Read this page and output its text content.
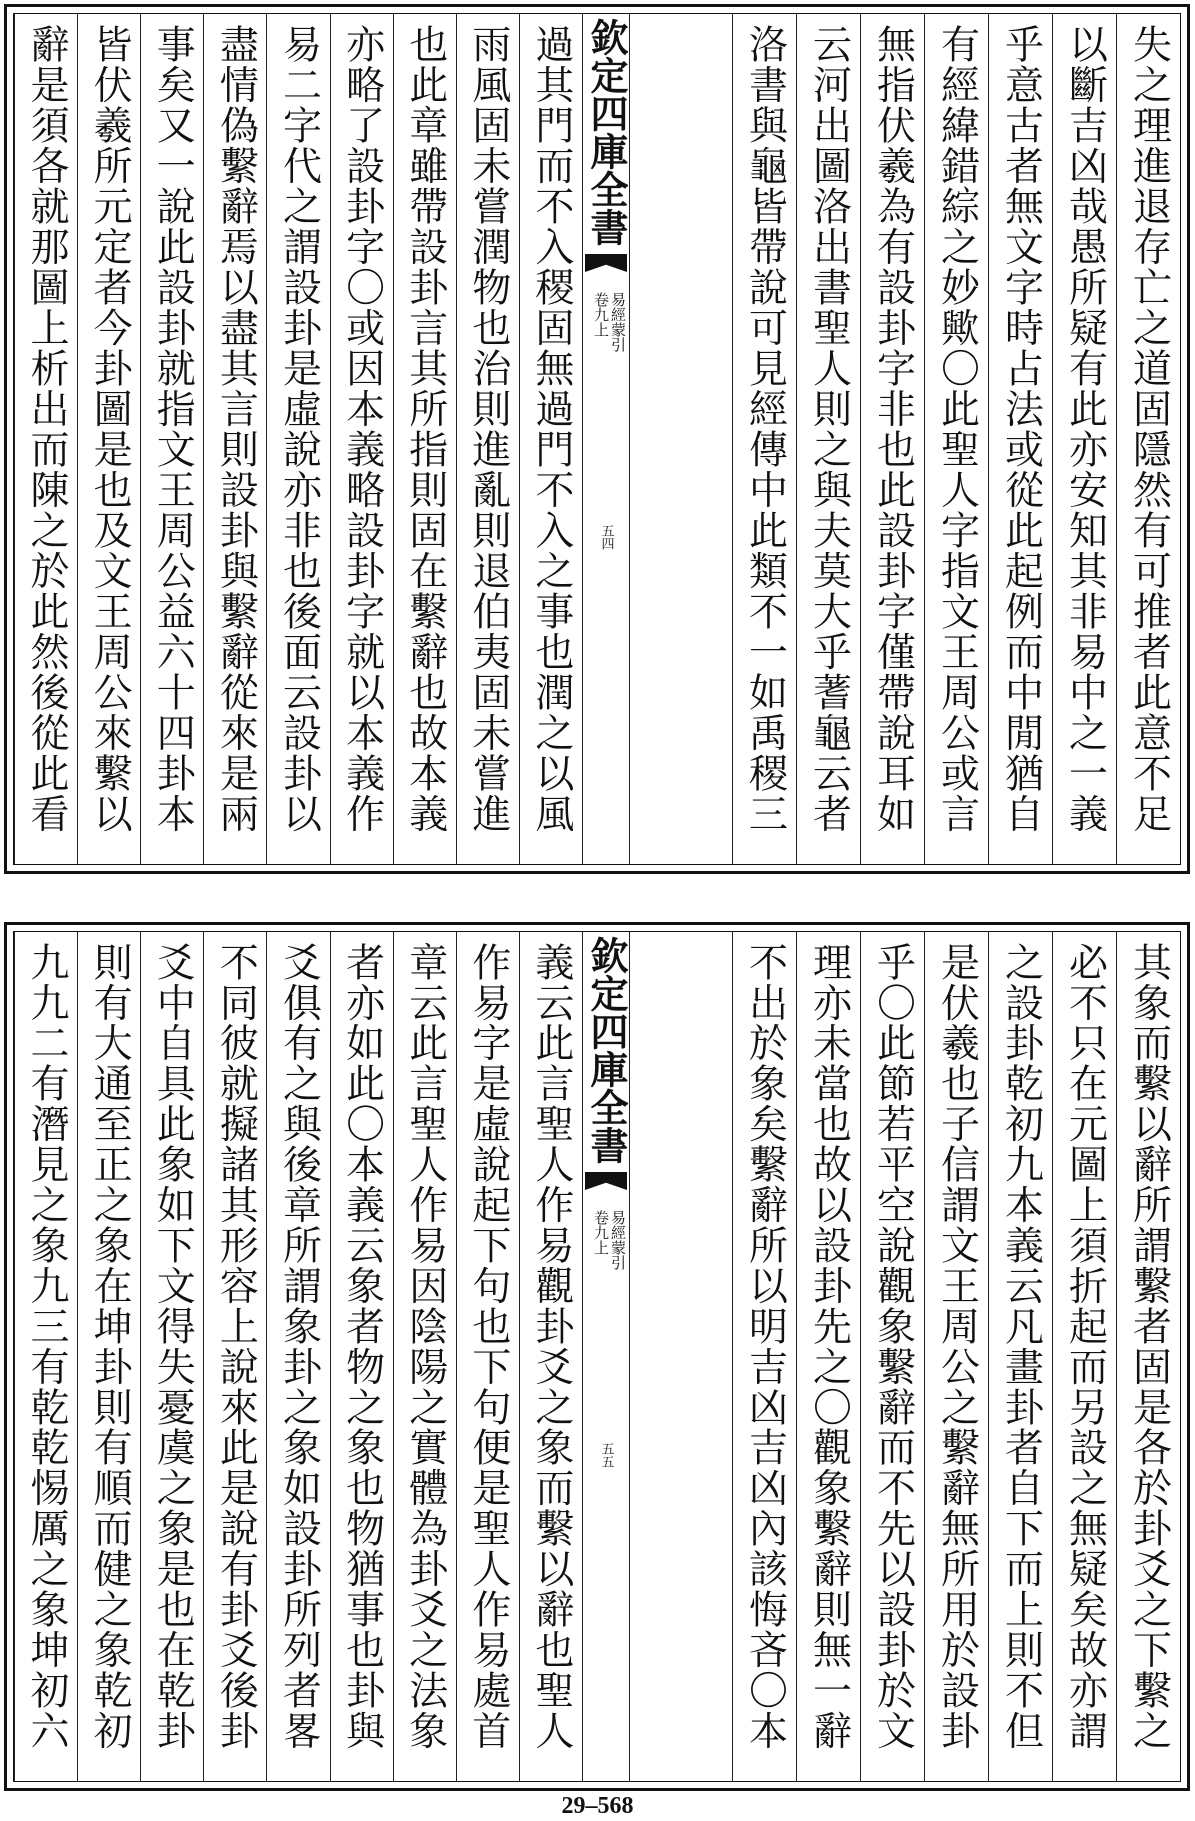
欽定四庫全書
易經蒙引
卷九上
五四	失之理進退存亡之道固隱然有可推者此意不足
以斷吉凶哉愚所疑有此亦安知其非易中之一義
乎意古者無文字時占法或從此起例而中閒猶自
有經緯錯綜之妙歟〇此聖人字指文王周公或言
無指伏羲為有設卦字非也此設卦字僅帶說耳如
云河出圖洛出書聖人則之與夫莫大乎蓍龜云者
洛書與龜皆帶說可見經傳中此類不一如禹稷三
過其門而不入稷固無過門不入之事也潤之以風
雨風固未嘗潤物也治則進亂則退伯夷固未嘗進
也此章雖帶設卦言其所指則固在繫辭也故本義
亦略了設卦字〇或因本義略設卦字就以本義作
易二字代之謂設卦是虛說亦非也後面云設卦以
盡情偽繫辭焉以盡其言則設卦與繫辭從來是兩
事矣又一說此設卦就指文王周公益六十四卦本
皆伏羲所元定者今卦圖是也及文王周公來繫以
辭是須各就那圖上析出而陳之於此然後從此看
欽定四庫全書
易經蒙引
卷九上
五五	其象而繫以辭所謂繫者固是各於卦爻之下繫之
必不只在元圖上須折起而另設之無疑矣故亦謂
之設卦乾初九本義云凡畫卦者自下而上則不但
是伏羲也子信謂文王周公之繫辭無所用於設卦
乎〇此節若平空說觀象繫辭而不先以設卦於文
理亦未當也故以設卦先之〇觀象繫辭則無一辭
不出於象矣繫辭所以明吉凶吉凶內該悔吝〇本
義云此言聖人作易觀卦爻之象而繫以辭也聖人
作易字是虛說起下句也下句便是聖人作易處首
章云此言聖人作易因陰陽之實體為卦爻之法象
者亦如此〇本義云象者物之象也物猶事也卦與
爻俱有之與後章所謂象卦之象如設卦所列者畧
不同彼就擬諸其形容上說來此是說有卦爻後卦
爻中自具此象如下文得失憂虞之象是也在乾卦
則有大通至正之象在坤卦則有順而健之象乾初
九九二有潛見之象九三有乾乾惕厲之象坤初六
29–568
